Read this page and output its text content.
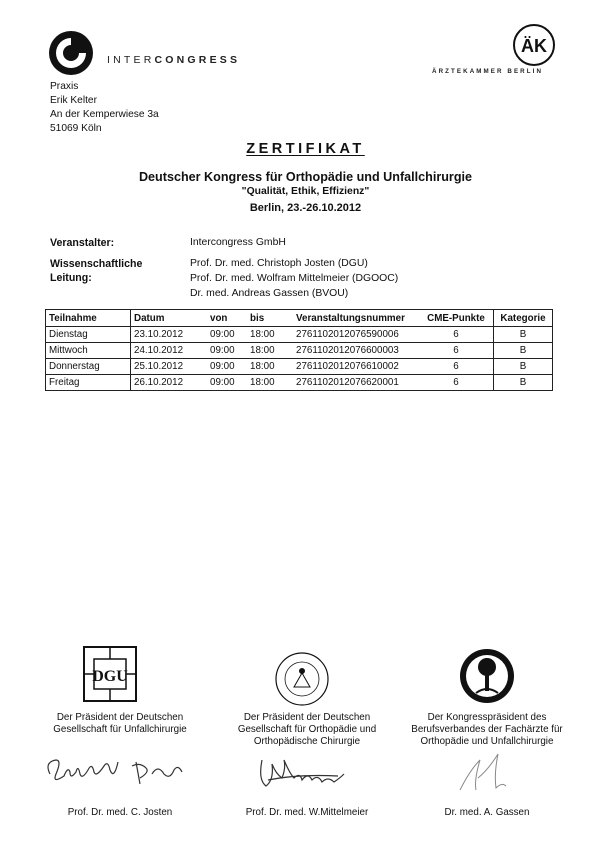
INTERCONGRESS
ÄK
ÄRZTEKAMMER BERLIN
Praxis
Erik Kelter
An der Kemperwiese 3a
51069 Köln
ZERTIFIKAT
Deutscher Kongress für Orthopädie und Unfallchirurgie
"Qualität, Ethik, Effizienz"
Berlin, 23.-26.10.2012
Veranstalter:	Intercongress GmbH
Wissenschaftliche
Leitung:
Prof. Dr. med. Christoph Josten (DGU)
Prof. Dr. med. Wolfram Mittelmeier (DGOOC)
Dr. med. Andreas Gassen (BVOU)
Teilnahme	Datum	von	bis	Veranstaltungsnummer	CME-Punkte	Kategorie
Dienstag	23.10.2012	09:00	18:00	2761102012076590006	6	B
Mittwoch	24.10.2012	09:00	18:00	2761102012076600003	6	B
Donnerstag	25.10.2012	09:00	18:00	2761102012076610002	6	B
Freitag	26.10.2012	09:00	18:00	2761102012076620001	6	B
DGU
Der Präsident der Deutschen
Gesellschaft für Unfallchirurgie
Der Präsident der Deutschen
Gesellschaft für Orthopädie und
Orthopädische Chirurgie
Der Kongresspräsident des
Berufsverbandes der Fachärzte für
Orthopädie und Unfallchirurgie
Prof. Dr. med. C. Josten	Prof. Dr. med. W.Mittelmeier	Dr. med. A. Gassen
